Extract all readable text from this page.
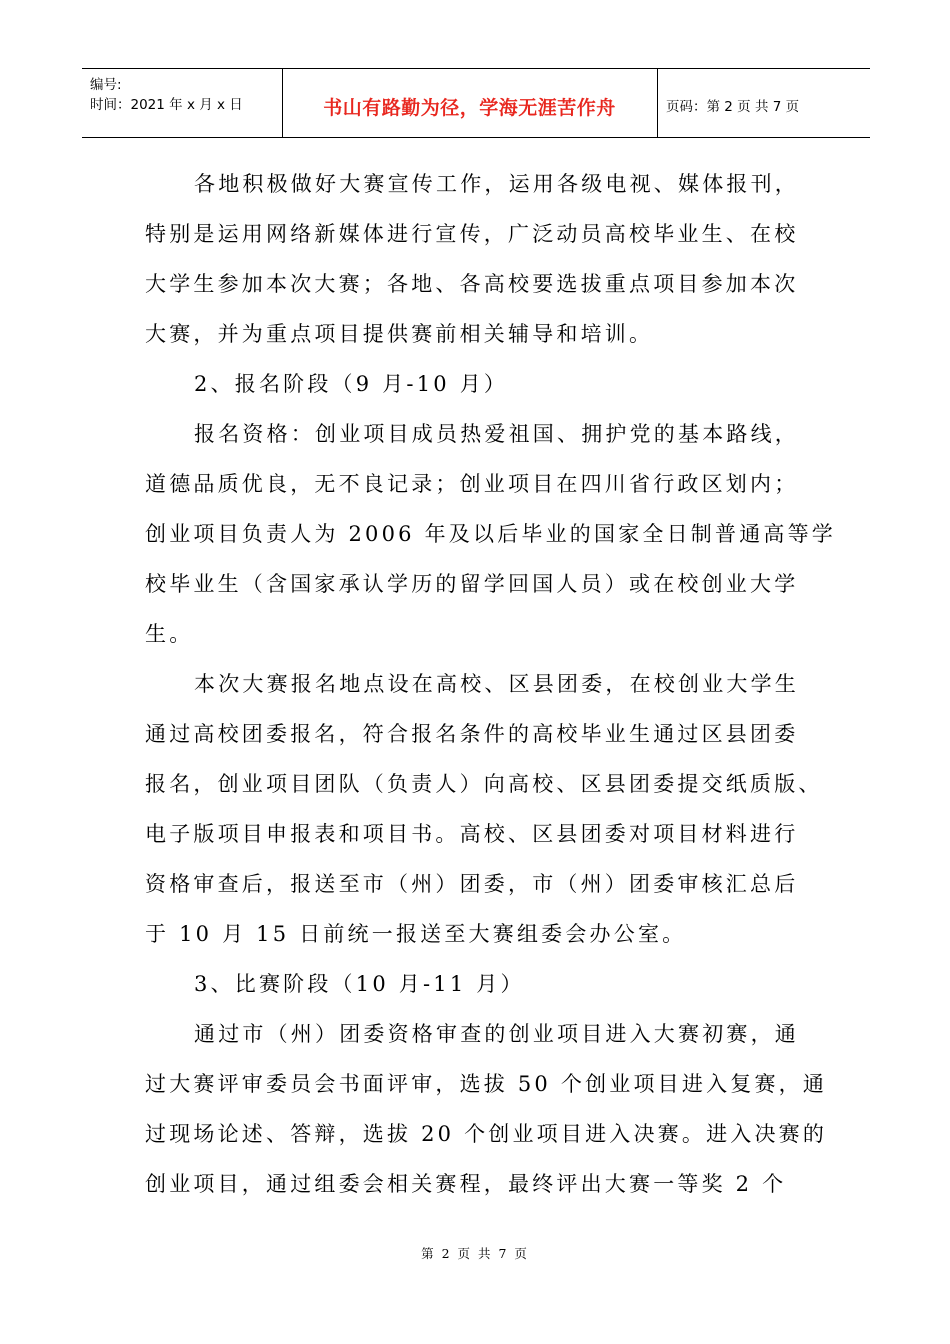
编号:
时间：2021 年 x 月 x 日	书山有路勤为径，学海无涯苦作舟	页码：第 2 页 共 7 页
各地积极做好大赛宣传工作，运用各级电视、媒体报刊，
特别是运用网络新媒体进行宣传，广泛动员高校毕业生、在校
大学生参加本次大赛；各地、各高校要选拔重点项目参加本次
大赛，并为重点项目提供赛前相关辅导和培训。
2、报名阶段（9 月-10 月）
报名资格：创业项目成员热爱祖国、拥护党的基本路线，
道德品质优良，无不良记录；创业项目在四川省行政区划内；
创业项目负责人为 2006 年及以后毕业的国家全日制普通高等学
校毕业生（含国家承认学历的留学回国人员）或在校创业大学
生。
本次大赛报名地点设在高校、区县团委，在校创业大学生
通过高校团委报名，符合报名条件的高校毕业生通过区县团委
报名，创业项目团队（负责人）向高校、区县团委提交纸质版、
电子版项目申报表和项目书。高校、区县团委对项目材料进行
资格审查后，报送至市（州）团委，市（州）团委审核汇总后
于 10 月 15 日前统一报送至大赛组委会办公室。
3、比赛阶段（10 月-11 月）
通过市（州）团委资格审查的创业项目进入大赛初赛，通
过大赛评审委员会书面评审，选拔 50 个创业项目进入复赛，通
过现场论述、答辩，选拔 20 个创业项目进入决赛。进入决赛的
创业项目，通过组委会相关赛程，最终评出大赛一等奖 2 个
第 2 页 共 7 页
